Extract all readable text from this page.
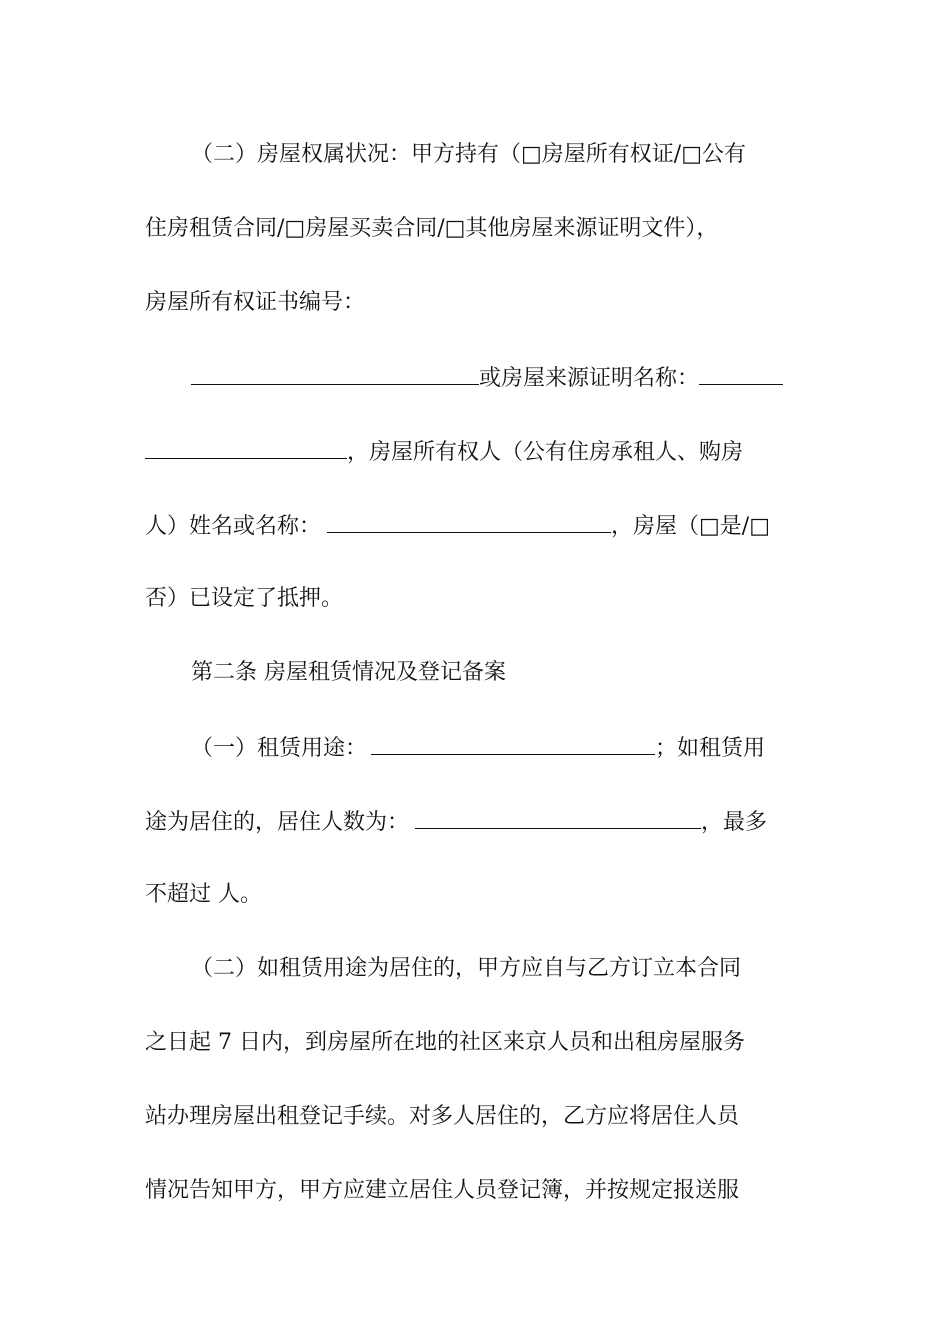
（二）房屋权属状况：甲方持有（□房屋所有权证/□公有
住房租赁合同/□房屋买卖合同/□其他房屋来源证明文件），
房屋所有权证书编号：
或房屋来源证明名称：
，房屋所有权人（公有住房承租人、购房
人）姓名或名称：	，房屋（□是/□
否）已设定了抵押。
第二条 房屋租赁情况及登记备案
（一）租赁用途：	；如租赁用
途为居住的，居住人数为：	，最多
不超过 人。
（二）如租赁用途为居住的，甲方应自与乙方订立本合同
之日起 7 日内，到房屋所在地的社区来京人员和出租房屋服务
站办理房屋出租登记手续。对多人居住的，乙方应将居住人员
情况告知甲方，甲方应建立居住人员登记簿，并按规定报送服
